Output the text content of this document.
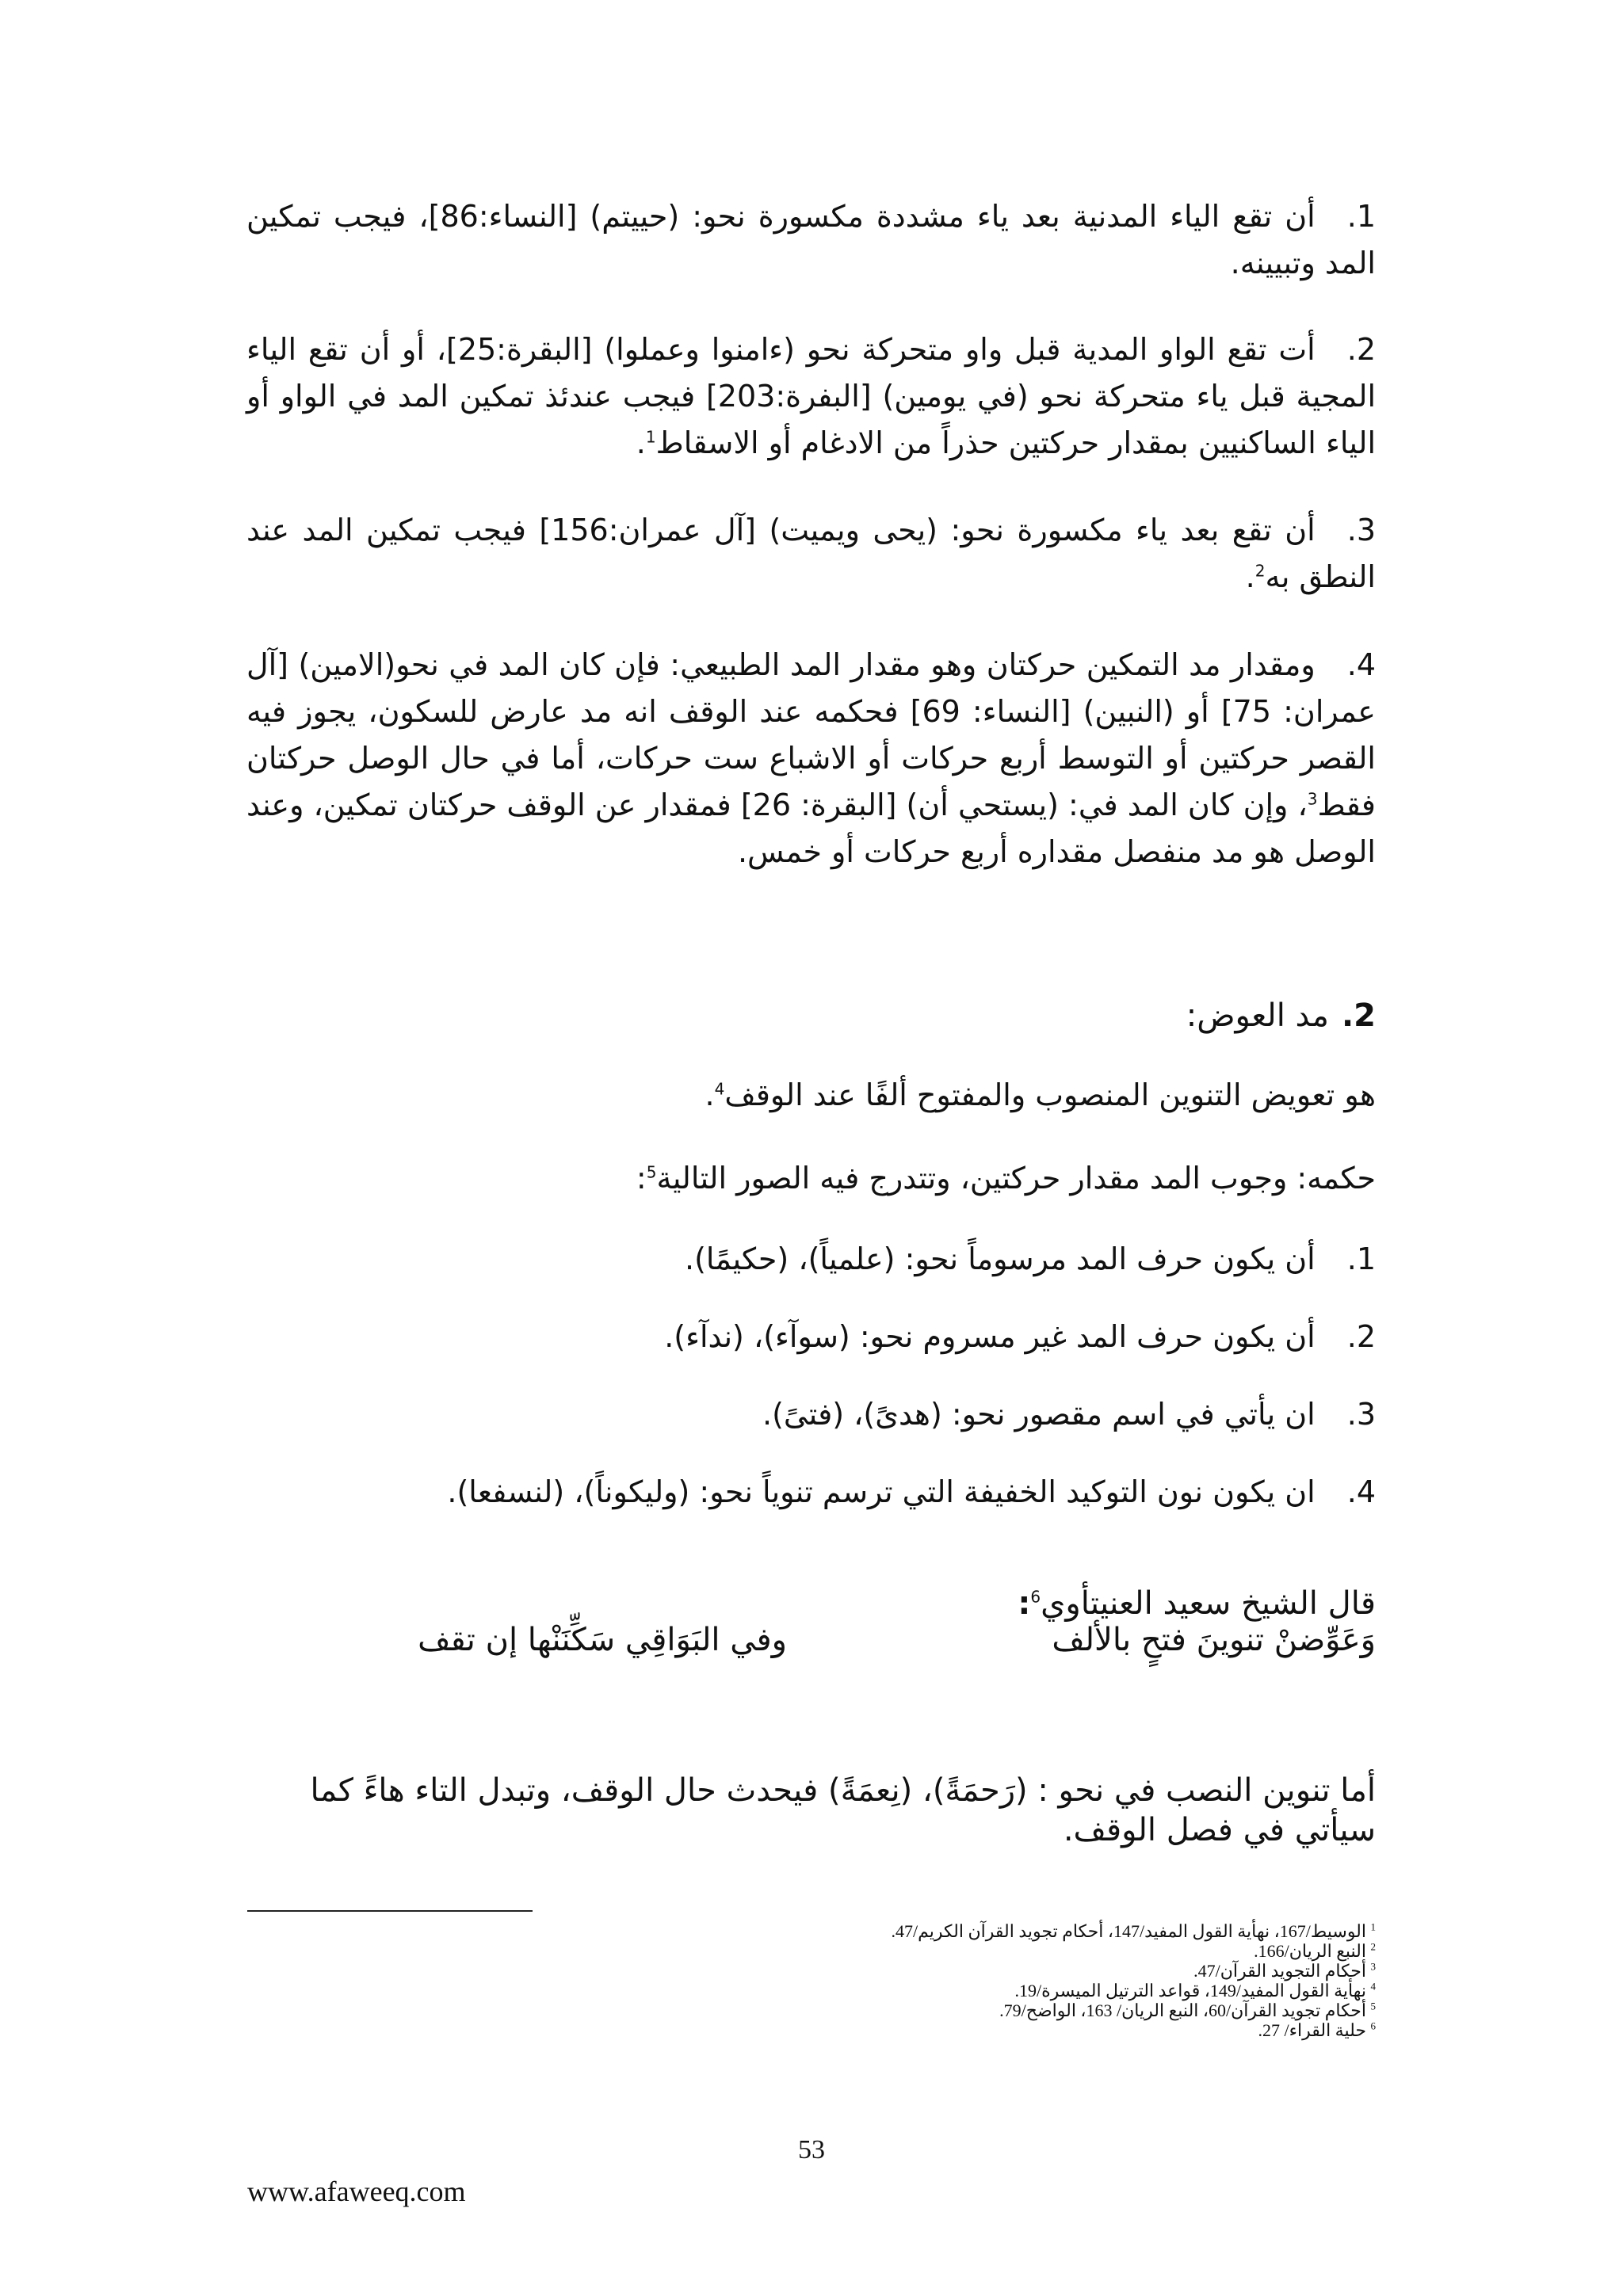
1.أن تقع الياء المدنية بعد ياء مشددة مكسورة نحو: (حييتم) [النساء:86]، فيجب تمكين المد وتبيينه.
2.أت تقع الواو المدية قبل واو متحركة نحو (ءامنوا وعملوا) [البقرة:25]، أو أن تقع الياء المجية قبل ياء متحركة نحو (في يومين) [البفرة:203] فيجب عندئذ تمكين المد في الواو أو الياء الساكنيين بمقدار حركتين حذراً من الادغام أو الاسقاط$^1$.
3.أن تقع بعد ياء مكسورة نحو: (يحى ويميت) [آل عمران:156] فيجب تمكين المد عند النطق به$^2$.
4.ومقدار مد التمكين حركتان وهو مقدار المد الطبيعي: فإن كان المد في نحو(الامين) [آل عمران: 75] أو (النبين) [النساء: 69] فحكمه عند الوقف انه مد عارض للسكون، يجوز فيه القصر حركتين أو التوسط أربع حركات أو الاشباع ست حركات، أما في حال الوصل حركتان فقط$^3$، وإن كان المد في: (يستحي أن) [البقرة: 26] فمقدار عن الوقف حركتان تمكين، وعند الوصل هو مد منفصل مقداره أربع حركات أو خمس.
2.مد العوض:
هو تعويض التنوين المنصوب والمفتوح ألفًا عند الوقف$^4$.
حكمه: وجوب المد مقدار حركتين، وتتدرج فيه الصور التالية$^5$:
1.أن يكون حرف المد مرسوماً نحو: (علمياً)، (حكيمًا).
2.أن يكون حرف المد غير مسروم نحو: (سوآء)، (ندآء).
3.ان يأتي في اسم مقصور نحو: (هدىً)، (فتىً).
4.ان يكون نون التوكيد الخفيفة التي ترسم تنوياً نحو: (وليكوناً)، (لنسفعا).
قال الشيخ سعيد العنيتأوي$^6$:
وَعَوِّضنْ تنوينَ فتحٍ بالألف
وفي البَوَاقِي سَكِّنَنْها إن تقف
أما تنوين النصب في نحو : (رَحمَةً)، (نِعمَةً) فيحدث حال الوقف، وتبدل التاء هاءً كما سيأتي في فصل الوقف.
$^1$ الوسيط/167، نهأية القول المفيد/147، أحكام تجويد القرآن الكريم/47.
$^2$ النبع الريان/166.
$^3$ أحكام التجويد القرآن/47.
$^4$ نهأية القول المفيد/149، قواعد الترتيل الميسرة/19.
$^5$ أحكام تجويد القرآن/60، النبع الريان/ 163، الواضح/79.
$^6$ حلية القراء/ 27.
53
www.afaweeq.com
